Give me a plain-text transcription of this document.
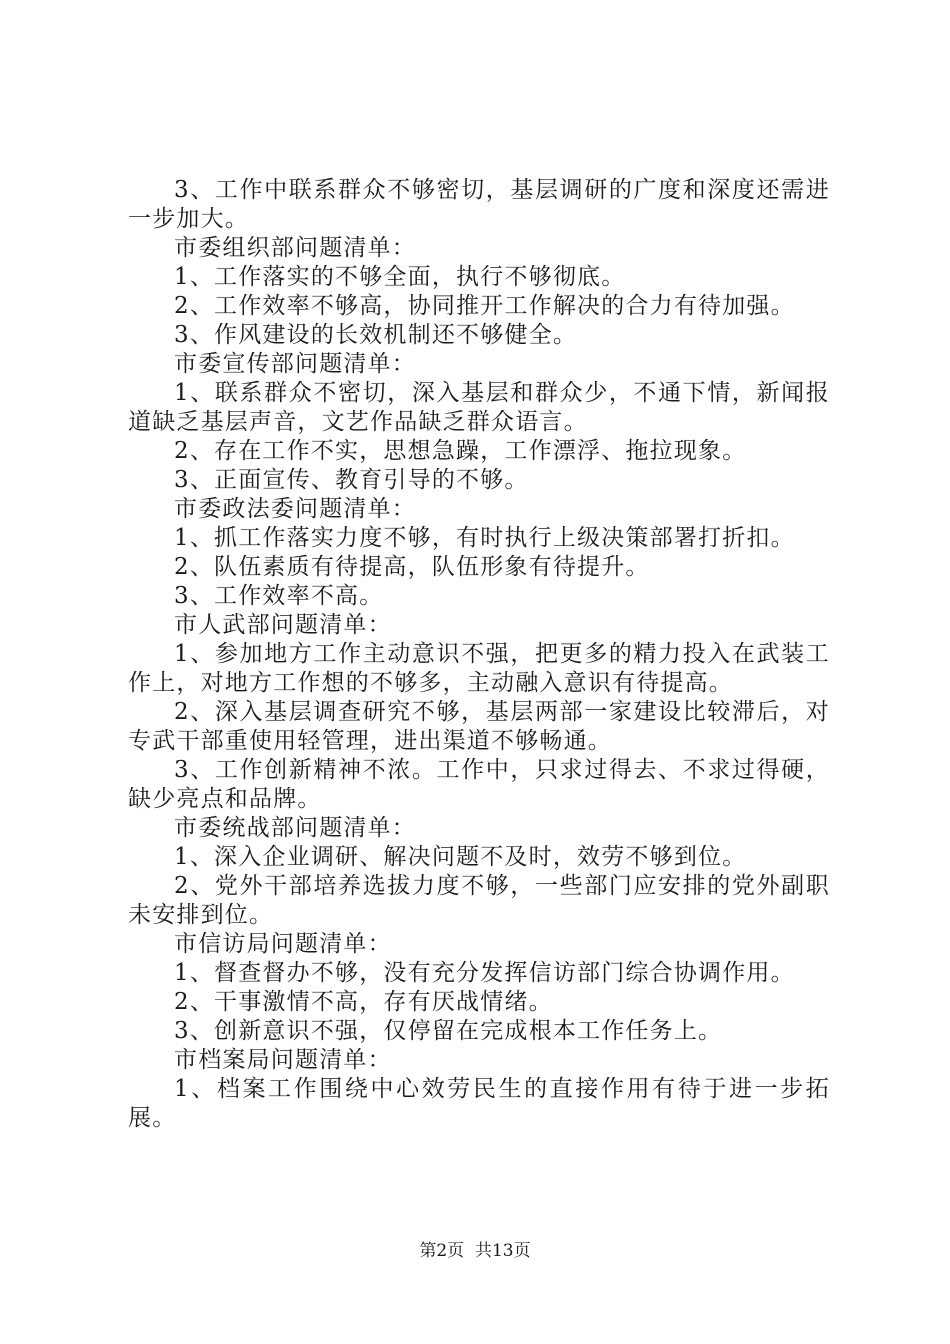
3、工作中联系群众不够密切，基层调研的广度和深度还需进一步加大。

市委组织部问题清单：

1、工作落实的不够全面，执行不够彻底。

2、工作效率不够高，协同推开工作解决的合力有待加强。

3、作风建设的长效机制还不够健全。

市委宣传部问题清单：

1、联系群众不密切，深入基层和群众少，不通下情，新闻报道缺乏基层声音，文艺作品缺乏群众语言。

2、存在工作不实，思想急躁，工作漂浮、拖拉现象。

3、正面宣传、教育引导的不够。

市委政法委问题清单：

1、抓工作落实力度不够，有时执行上级决策部署打折扣。

2、队伍素质有待提高，队伍形象有待提升。

3、工作效率不高。

市人武部问题清单：

1、参加地方工作主动意识不强，把更多的精力投入在武装工作上，对地方工作想的不够多，主动融入意识有待提高。

2、深入基层调查研究不够，基层两部一家建设比较滞后，对专武干部重使用轻管理，进出渠道不够畅通。

3、工作创新精神不浓。工作中，只求过得去、不求过得硬，缺少亮点和品牌。

市委统战部问题清单：

1、深入企业调研、解决问题不及时，效劳不够到位。

2、党外干部培养选拔力度不够，一些部门应安排的党外副职未安排到位。

市信访局问题清单：

1、督查督办不够，没有充分发挥信访部门综合协调作用。

2、干事激情不高，存有厌战情绪。

3、创新意识不强，仅停留在完成根本工作任务上。

市档案局问题清单：

1、档案工作围绕中心效劳民生的直接作用有待于进一步拓展。

第2页  共13页
